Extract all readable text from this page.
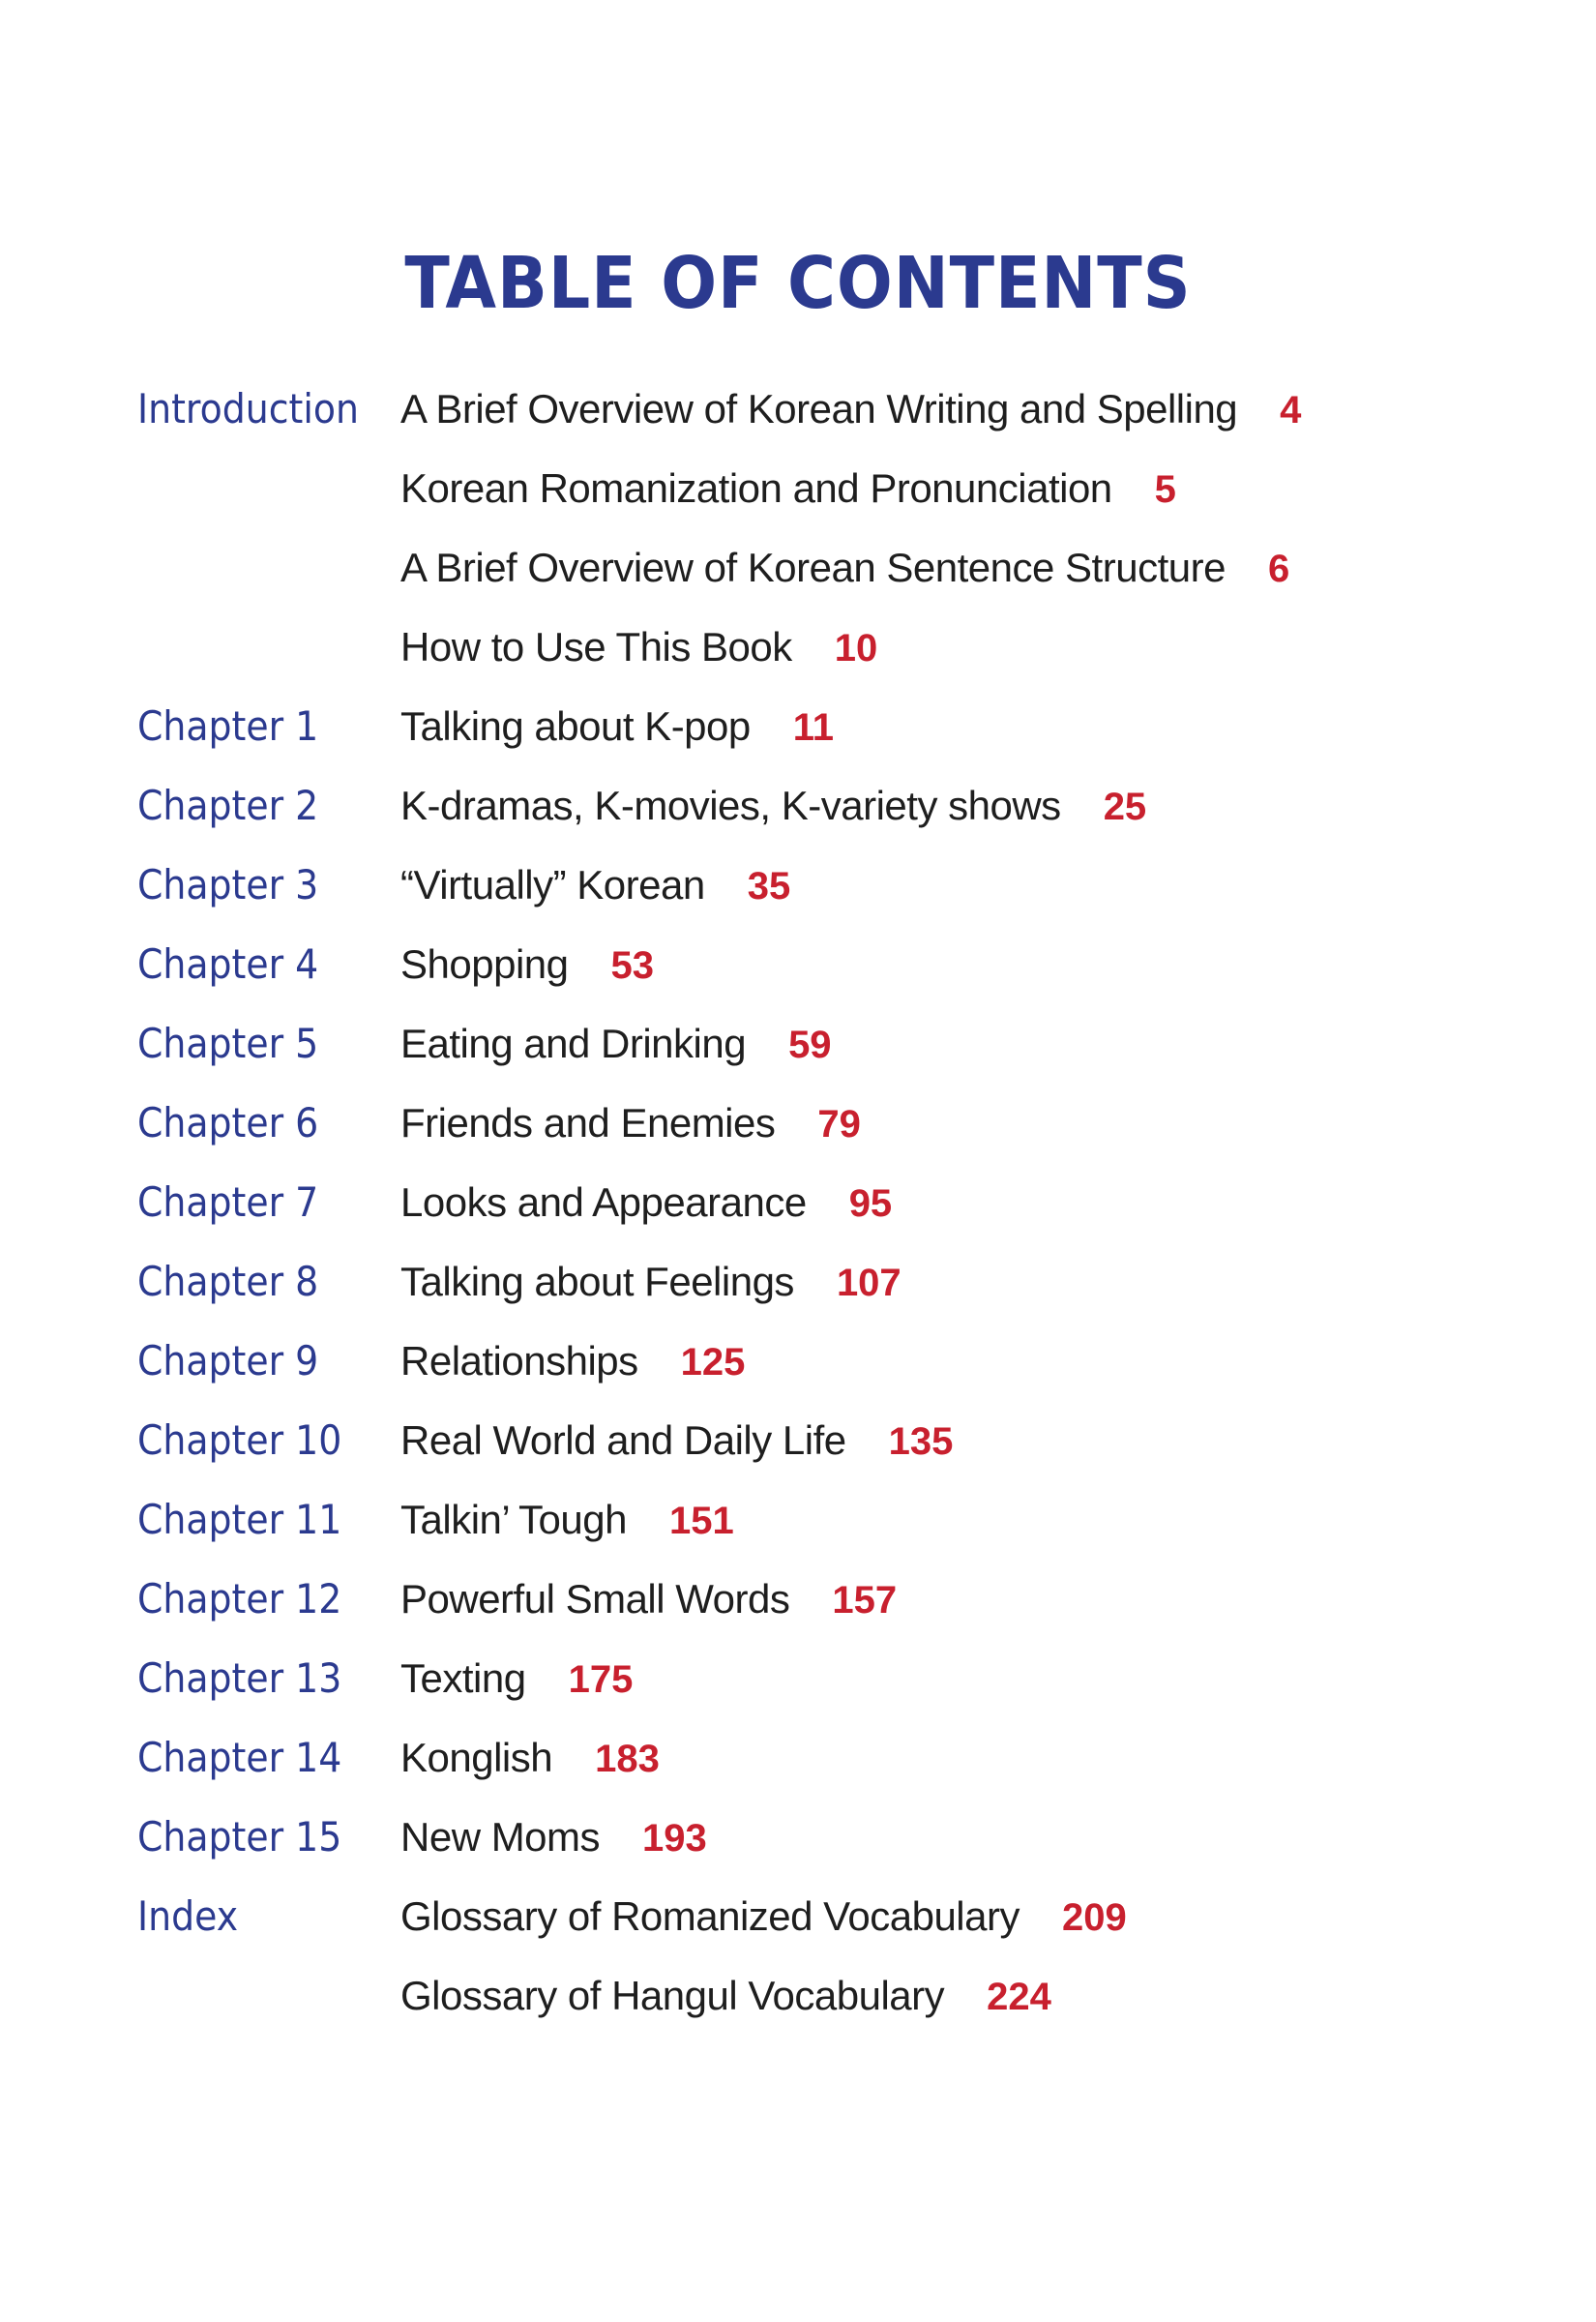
TABLE OF CONTENTS
Introduction A Brief Overview of Korean Writing and Spelling 4
Korean Romanization and Pronunciation 5
A Brief Overview of Korean Sentence Structure 6
How to Use This Book 10
Chapter 1 Talking about K-pop 11
Chapter 2 K-dramas, K-movies, K-variety shows 25
Chapter 3 “Virtually” Korean 35
Chapter 4 Shopping 53
Chapter 5 Eating and Drinking 59
Chapter 6 Friends and Enemies 79
Chapter 7 Looks and Appearance 95
Chapter 8 Talking about Feelings 107
Chapter 9 Relationships 125
Chapter 10 Real World and Daily Life 135
Chapter 11 Talkin’ Tough 151
Chapter 12 Powerful Small Words 157
Chapter 13 Texting 175
Chapter 14 Konglish 183
Chapter 15 New Moms 193
Index	Glossary of Romanized Vocabulary 209
Glossary of Hangul Vocabulary 224
